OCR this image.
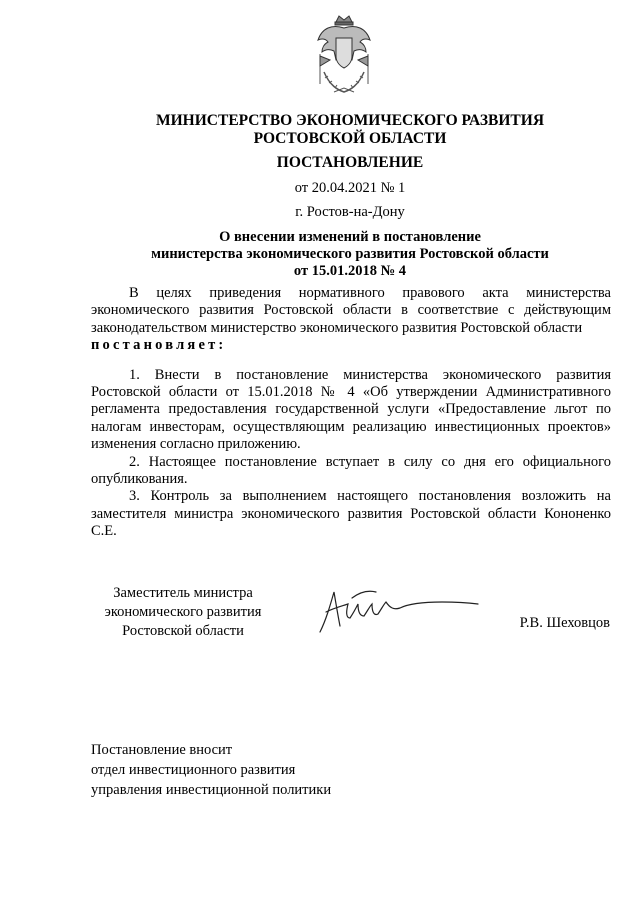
МИНИСТЕРСТВО ЭКОНОМИЧЕСКОГО РАЗВИТИЯ
РОСТОВСКОЙ ОБЛАСТИ
ПОСТАНОВЛЕНИЕ
от 20.04.2021 № 1
г. Ростов-на-Дону
О внесении изменений в постановление
министерства экономического развития Ростовской области
от 15.01.2018 № 4

В целях приведения нормативного правового акта министерства экономического развития Ростовской области в соответствие с действующим законодательством министерство экономического развития Ростовской области

постановляет:

1. Внести в постановление министерства экономического развития Ростовской области от 15.01.2018 № 4 «Об утверждении Административного регламента предоставления государственной услуги «Предоставление льгот по налогам инвесторам, осуществляющим реализацию инвестиционных проектов» изменения согласно приложению.

2. Настоящее постановление вступает в силу со дня его официального опубликования.

3. Контроль за выполнением настоящего постановления возложить на заместителя министра экономического развития Ростовской области Кононенко С.Е.

Заместитель министра
экономического развития
Ростовской области	Р.В. Шеховцов
Постановление вносит
отдел инвестиционного развития
управления инвестиционной политики
